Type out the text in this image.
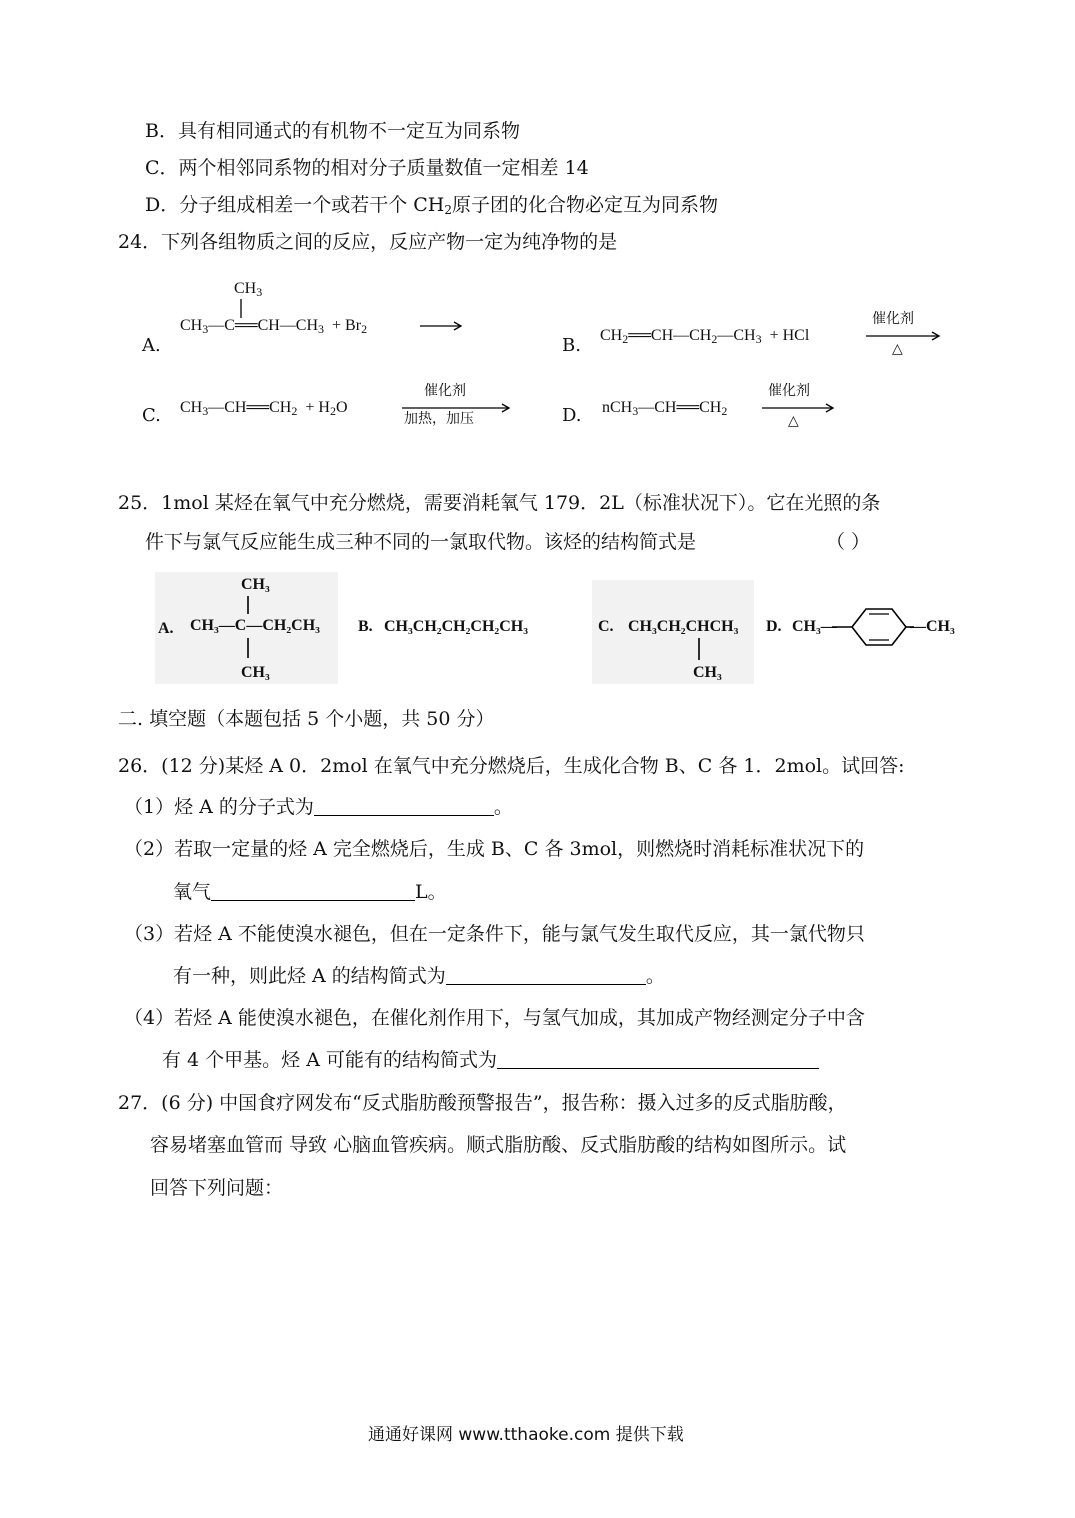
B．具有相同通式的有机物不一定互为同系物
C．两个相邻同系物的相对分子质量数值一定相差 14
D．分子组成相差一个或若干个 $CH_2$原子团的化合物必定互为同系物
24．下列各组物质之间的反应，反应产物一定为纯净物的是
A.
$CH_3$
$CH_3—C══CH—CH_3 + Br_2$
B. $CH_2══CH—CH_2—CH_3$ + HCl
催化剂
△
C. $CH_3—CH══CH_2 + H_2O$
催化剂
加热，加压	D. $nCH_3—CH══CH_2$
催化剂
△
25．1mol 某烃在氧气中充分燃烧，需要消耗氧气 179．2L（标准状况下）。它在光照的条
件下与氯气反应能生成三种不同的一氯取代物。该烃的结构简式是	（ ）
A.
CH₃
CH₃—C—CH₂CH₃
CH₃
B. CH₃CH₂CH₂CH₂CH₃	C. CH₃CH₂CHCH₃
CH₃
D. CH₃—	—CH₃
二. 填空题（本题包括 5 个小题，共 50 分）
26．(12 分)某烃 A 0．2mol 在氧气中充分燃烧后，生成化合物 B、C 各 1．2mol。试回答:
（1）烃 A 的分子式为	。
（2）若取一定量的烃 A 完全燃烧后，生成 B、C 各 3mol，则燃烧时消耗标准状况下的
氧气	L。
（3）若烃 A 不能使溴水褪色，但在一定条件下，能与氯气发生取代反应，其一氯代物只
有一种，则此烃 A 的结构简式为	。
（4）若烃 A 能使溴水褪色，在催化剂作用下，与氢气加成，其加成产物经测定分子中含
有 4 个甲基。烃 A 可能有的结构简式为
27．(6 分) 中国食疗网发布“反式脂肪酸预警报告”，报告称：摄入过多的反式脂肪酸，
容易堵塞血管而 导致 心脑血管疾病。顺式脂肪酸、反式脂肪酸的结构如图所示。试
回答下列问题：
通通好课网 www.tthaoke.com 提供下载
